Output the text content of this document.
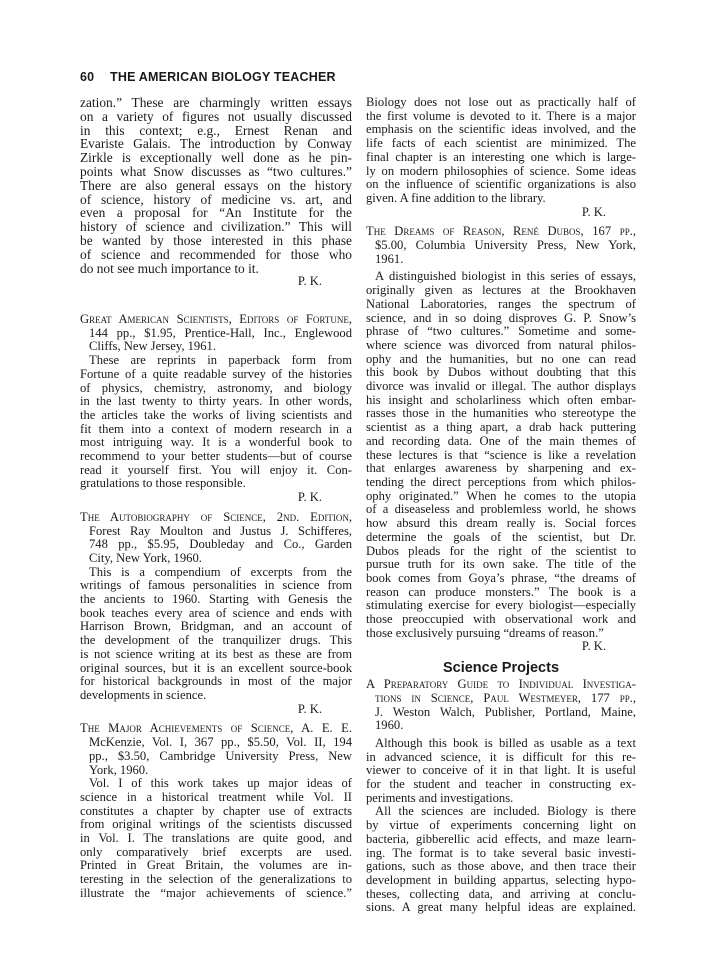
60 THE AMERICAN BIOLOGY TEACHER
zation.” These are charmingly written essays
on a variety of figures not usually discussed
in this context; e.g., Ernest Renan and
Evariste Galais. The introduction by Conway
Zirkle is exceptionally well done as he pin-
points what Snow discusses as “two cultures.”
There are also general essays on the history
of science, history of medicine vs. art, and
even a proposal for “An Institute for the
history of science and civilization.” This will
be wanted by those interested in this phase
of science and recommended for those who
do not see much importance to it.
P. K.
Great American Scientists, Editors of Fortune,
144 pp., $1.95, Prentice-Hall, Inc., Englewood
Cliffs, New Jersey, 1961.
These are reprints in paperback form from
Fortune of a quite readable survey of the histories
of physics, chemistry, astronomy, and biology
in the last twenty to thirty years. In other words,
the articles take the works of living scientists and
fit them into a context of modern research in a
most intriguing way. It is a wonderful book to
recommend to your better students—but of course
read it yourself first. You will enjoy it. Con-
gratulations to those responsible.
P. K.
The Autobiography of Science, 2nd. Edition,
Forest Ray Moulton and Justus J. Schifferes,
748 pp., $5.95, Doubleday and Co., Garden
City, New York, 1960.
This is a compendium of excerpts from the
writings of famous personalities in science from
the ancients to 1960. Starting with Genesis the
book teaches every area of science and ends with
Harrison Brown, Bridgman, and an account of
the development of the tranquilizer drugs. This
is not science writing at its best as these are from
original sources, but it is an excellent source-book
for historical backgrounds in most of the major
developments in science.
P. K.
The Major Achievements of Science, A. E. E.
McKenzie, Vol. I, 367 pp., $5.50, Vol. II, 194
pp., $3.50, Cambridge University Press, New
York, 1960.
Vol. I of this work takes up major ideas of
science in a historical treatment while Vol. II
constitutes a chapter by chapter use of extracts
from original writings of the scientists discussed
in Vol. I. The translations are quite good, and
only comparatively brief excerpts are used.
Printed in Great Britain, the volumes are in-
teresting in the selection of the generalizations to
illustrate the “major achievements of science.”
Biology does not lose out as practically half of
the first volume is devoted to it. There is a major
emphasis on the scientific ideas involved, and the
life facts of each scientist are minimized. The
final chapter is an interesting one which is large-
ly on modern philosophies of science. Some ideas
on the influence of scientific organizations is also
given. A fine addition to the library.
P. K.
The Dreams of Reason, René Dubos, 167 pp.,
$5.00, Columbia University Press, New York,
1961.
A distinguished biologist in this series of essays,
originally given as lectures at the Brookhaven
National Laboratories, ranges the spectrum of
science, and in so doing disproves G. P. Snow’s
phrase of “two cultures.” Sometime and some-
where science was divorced from natural philos-
ophy and the humanities, but no one can read
this book by Dubos without doubting that this
divorce was invalid or illegal. The author displays
his insight and scholarliness which often embar-
rasses those in the humanities who stereotype the
scientist as a thing apart, a drab hack puttering
and recording data. One of the main themes of
these lectures is that “science is like a revelation
that enlarges awareness by sharpening and ex-
tending the direct perceptions from which philos-
ophy originated.” When he comes to the utopia
of a diseaseless and problemless world, he shows
how absurd this dream really is. Social forces
determine the goals of the scientist, but Dr.
Dubos pleads for the right of the scientist to
pursue truth for its own sake. The title of the
book comes from Goya’s phrase, “the dreams of
reason can produce monsters.” The book is a
stimulating exercise for every biologist—especially
those preoccupied with observational work and
those exclusively pursuing “dreams of reason.”
P. K.
Science Projects
A Preparatory Guide to Individual Investiga-
tions in Science, Paul Westmeyer, 177 pp.,
J. Weston Walch, Publisher, Portland, Maine,
1960.
Although this book is billed as usable as a text
in advanced science, it is difficult for this re-
viewer to conceive of it in that light. It is useful
for the student and teacher in constructing ex-
periments and investigations.
All the sciences are included. Biology is there
by virtue of experiments concerning light on
bacteria, gibberellic acid effects, and maze learn-
ing. The format is to take several basic investi-
gations, such as those above, and then trace their
development in building appartus, selecting hypo-
theses, collecting data, and arriving at conclu-
sions. A great many helpful ideas are explained.
